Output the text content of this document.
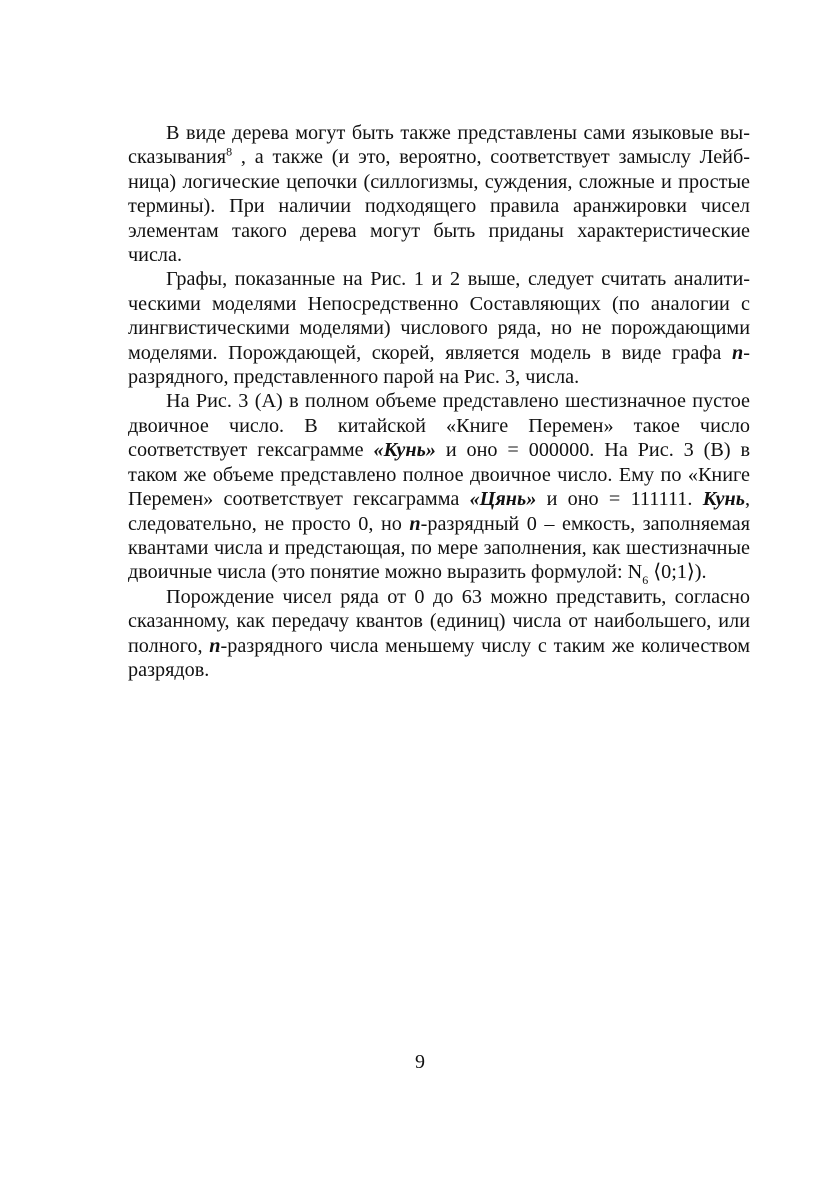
В виде дерева могут быть также представлены сами языковые высказывания$^8$ , а также (и это, вероятно, соответствует замыслу Лейбница) логические цепочки (силлогизмы, суждения, сложные и простые термины). При наличии подходящего правила аранжировки чисел элементам такого дерева могут быть приданы характеристические числа.

Графы, показанные на Рис. 1 и 2 выше, следует считать аналитическими моделями Непосредственно Составляющих (по аналогии с лингвистическими моделями) числового ряда, но не порождающими моделями. Порождающей, скорей, является модель в виде графа n-разрядного, представленного парой на Рис. 3, числа.

На Рис. 3 (А) в полном объеме представлено шестизначное пустое двоичное число. В китайской «Книге Перемен» такое число соответствует гексаграмме «Кунь» и оно = 000000. На Рис. 3 (В) в таком же объеме представлено полное двоичное число. Ему по «Книге Перемен» соответствует гексаграмма «Цянь» и оно = 111111. Кунь, следовательно, не просто 0, но n-разрядный 0 – емкость, заполняемая квантами числа и предстающая, по мере заполнения, как шестизначные двоичные числа (это понятие можно выразить формулой: $N_6$ ⟨0;1⟩).

Порождение чисел ряда от 0 до 63 можно представить, согласно сказанному, как передачу квантов (единиц) числа от наибольшего, или полного, n-разрядного числа меньшему числу с таким же количеством разрядов.

9
